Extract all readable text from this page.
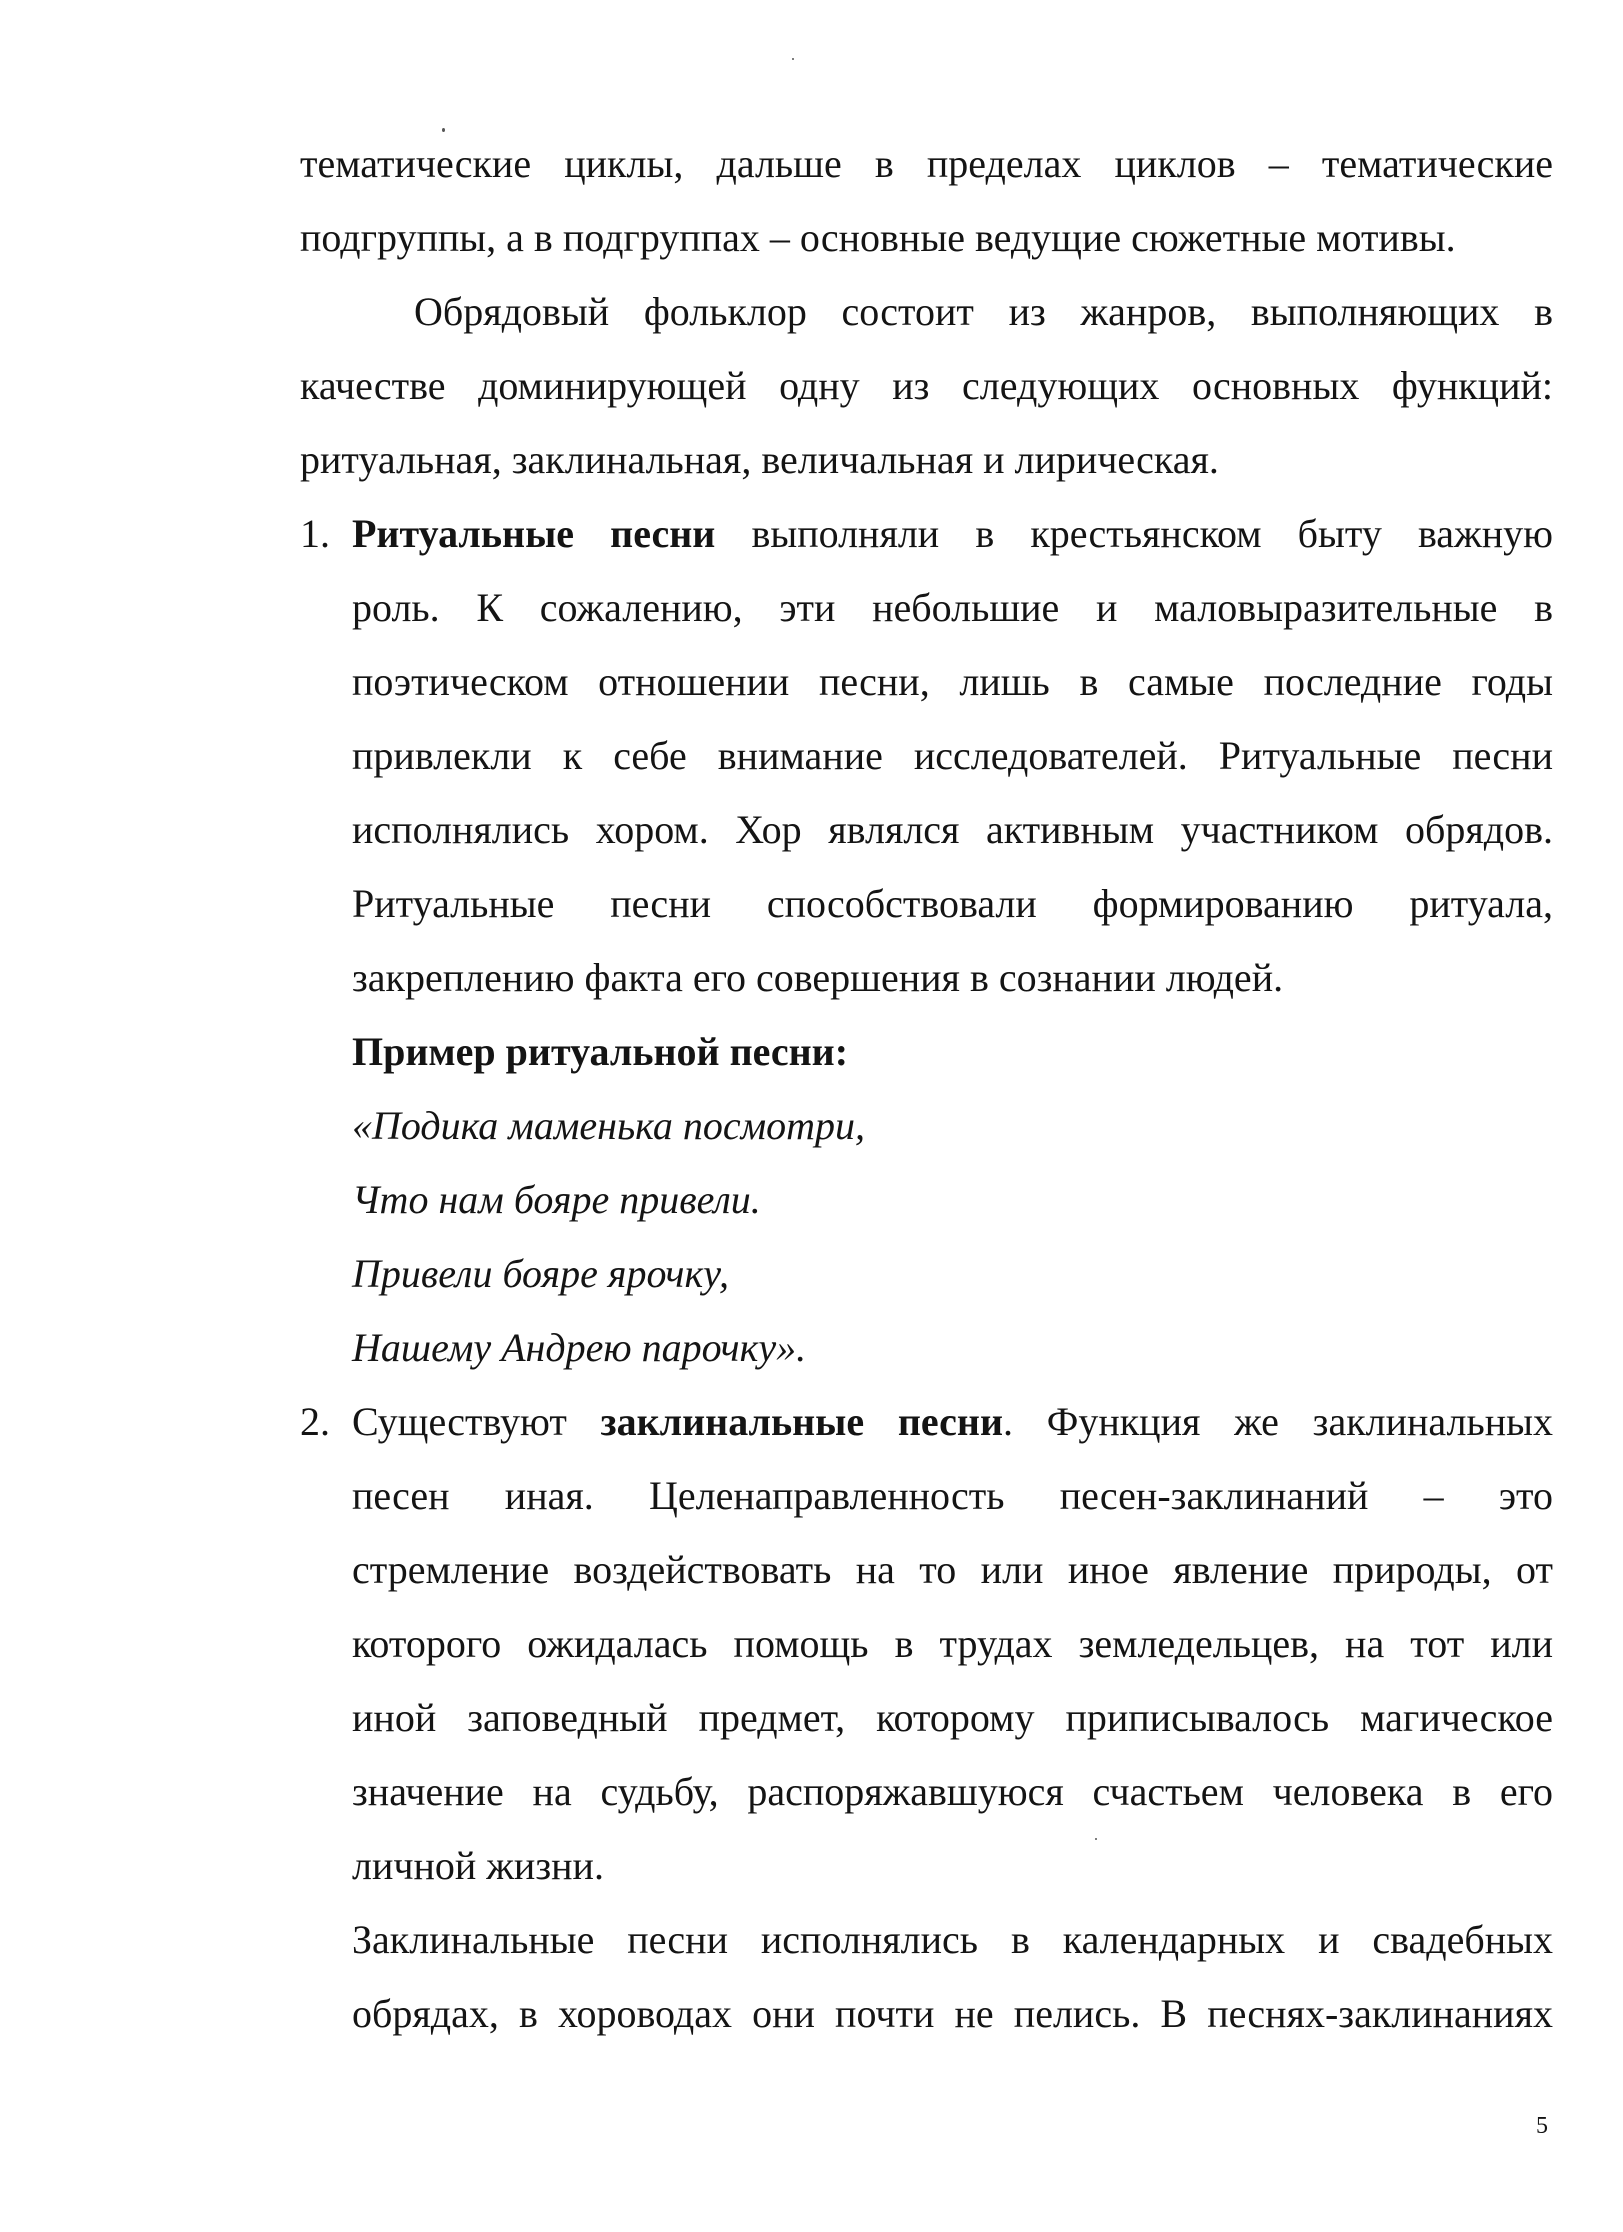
тематические циклы, дальше в пределах циклов – тематические
подгруппы, а в подгруппах – основные ведущие сюжетные мотивы.
Обрядовый фольклор состоит из жанров, выполняющих в
качестве доминирующей одну из следующих основных функций:
ритуальная, заклинальная, величальная и лирическая.
1. Ритуальные песни выполняли в крестьянском быту важную
роль. К сожалению, эти небольшие и маловыразительные в
поэтическом отношении песни, лишь в самые последние годы
привлекли к себе внимание исследователей. Ритуальные песни
исполнялись хором. Хор являлся активным участником обрядов.
Ритуальные песни способствовали формированию ритуала,
закреплению факта его совершения в сознании людей.
Пример ритуальной песни:
«Подика маменька посмотри,
Что нам бояре привели.
Привели бояре ярочку,
Нашему Андрею парочку».
2. Существуют заклинальные песни. Функция же заклинальных
песен иная. Целенаправленность песен-заклинаний – это
стремление воздействовать на то или иное явление природы, от
которого ожидалась помощь в трудах земледельцев, на тот или
иной заповедный предмет, которому приписывалось магическое
значение на судьбу, распоряжавшуюся счастьем человека в его
личной жизни.
Заклинальные песни исполнялись в календарных и свадебных
обрядах, в хороводах они почти не пелись. В песнях-заклинаниях
5
